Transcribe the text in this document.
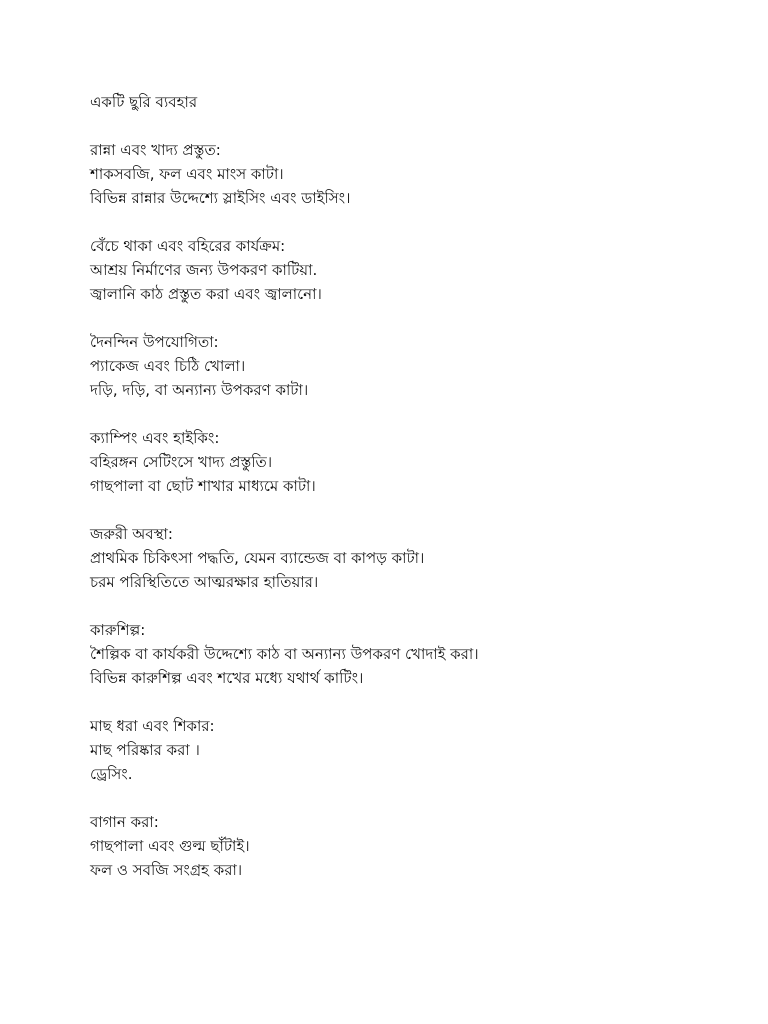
একটি ছুরি ব্যবহার
রান্না এবং খাদ্য প্রস্তুত:
শাকসবজি, ফল এবং মাংস কাটা।
বিভিন্ন রান্নার উদ্দেশ্যে স্লাইসিং এবং ডাইসিং।
বেঁচে থাকা এবং বহিরের কার্যক্রম:
আশ্রয় নির্মাণের জন্য উপকরণ কাটিয়া.
জ্বালানি কাঠ প্রস্তুত করা এবং জ্বালানো।
দৈনন্দিন উপযোগিতা:
প্যাকেজ এবং চিঠি খোলা।
দড়ি, দড়ি, বা অন্যান্য উপকরণ কাটা।
ক্যাম্পিং এবং হাইকিং:
বহিরঙ্গন সেটিংসে খাদ্য প্রস্তুতি।
গাছপালা বা ছোট শাখার মাধ্যমে কাটা।
জরুরী অবস্থা:
প্রাথমিক চিকিৎসা পদ্ধতি, যেমন ব্যান্ডেজ বা কাপড় কাটা।
চরম পরিস্থিতিতে আত্মরক্ষার হাতিয়ার।
কারুশিল্প:
শৈল্পিক বা কার্যকরী উদ্দেশ্যে কাঠ বা অন্যান্য উপকরণ খোদাই করা।
বিভিন্ন কারুশিল্প এবং শখের মধ্যে যথার্থ কাটিং।
মাছ ধরা এবং শিকার:
মাছ পরিষ্কার করা ।
ড্রেসিং.
বাগান করা:
গাছপালা এবং গুল্ম ছাঁটাই।
ফল ও সবজি সংগ্রহ করা।
